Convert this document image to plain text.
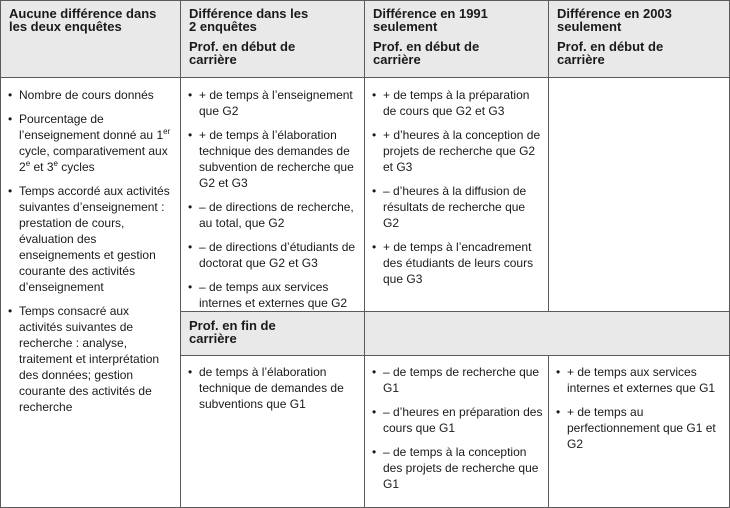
Aucune différence dans les deux enquêtes
Différence dans les 2 enquêtes
Prof. en début de carrière
Différence en 1991 seulement
Prof. en début de carrière
Différence en 2003 seulement
Prof. en début de carrière
• Nombre de cours donnés
• Pourcentage de l’enseignement donné au 1er cycle, comparativement aux 2e et 3e cycles
• Temps accordé aux activités suivantes d’enseignement : prestation de cours, évaluation des enseignements et gestion courante des activités d’enseignement
• Temps consacré aux activités suivantes de recherche : analyse, traitement et interprétation des données; gestion courante des activités de recherche
• + de temps à l’enseignement que G2
• + de temps à l’élaboration technique des demandes de subvention de recherche que G2 et G3
• – de directions de recherche, au total, que G2
• – de directions d’étudiants de doctorat que G2 et G3
• – de temps aux services internes et externes que G2
• + de temps à la préparation de cours que G2 et G3
• + d’heures à la conception de projets de recherche que G2 et G3
• – d’heures à la diffusion de résultats de recherche que G2
• + de temps à l’encadrement des étudiants de leurs cours que G3
Prof. en fin de carrière
• de temps à l’élaboration technique de demandes de subventions que G1
• – de temps de recherche que G1
• – d’heures en préparation des cours que G1
• – de temps à la conception des projets de recherche que G1
• + de temps aux services internes et externes que G1
• + de temps au perfectionnement que G1 et G2
